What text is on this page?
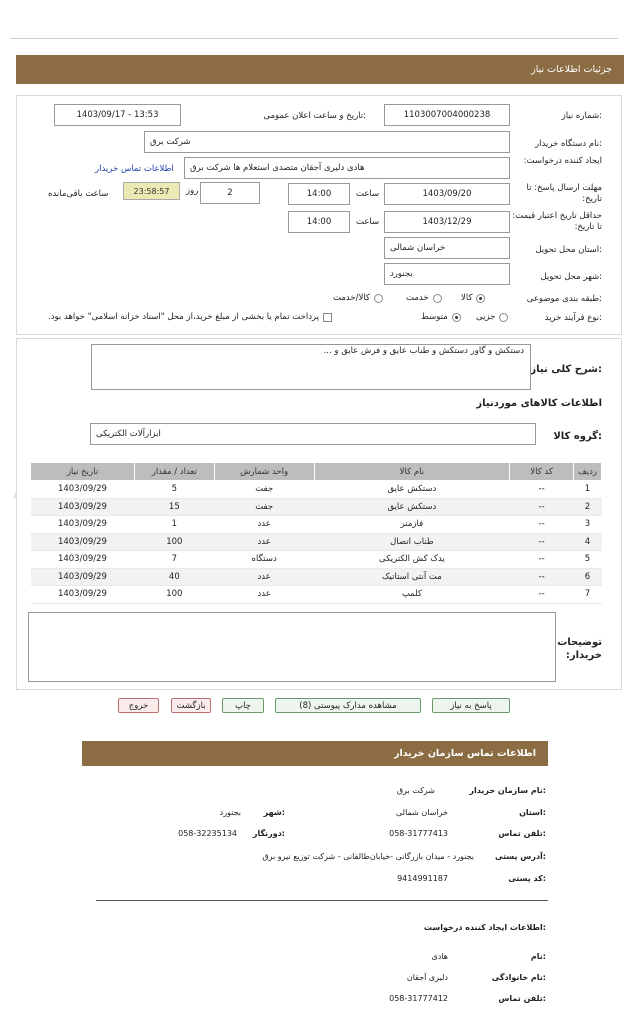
جزئيات اطلاعات نياز
شماره نیاز:
1103007004000238
تاریخ و ساعت اعلان عمومی:
1403/09/17 - 13:53
نام دستگاه خریدار:
شرکت برق
ایجاد کننده درخواست:
هادی دلیری آجقان متصدی استعلام ها شرکت برق
اطلاعات تماس خریدار
مهلت ارسال پاسخ: تا تاریخ:
1403/09/20
ساعت
14:00
2
روز
23:58:57
ساعت باقی‌مانده
حداقل تاریخ اعتبار قیمت: تا تاریخ:
1403/12/29
ساعت
14:00
استان محل تحویل:
خراسان شمالی
شهر محل تحویل:
بجنورد
طبقه بندی موضوعی:
کالا
خدمت
کالا/خدمت
نوع فرآیند خرید:
جزیی
متوسط
پرداخت تمام یا بخشی از مبلغ خرید،از محل "اسناد خزانه اسلامی" خواهد بود.
شرح کلی نیاز:
دستکش و گاور دستکش و طناب عایق و فرش عایق و ...
اطلاعات کالاهای موردنیاز
گروه کالا:
ابزارآلات الکتریکی
ردیف	کد کالا	نام کالا	واحد شمارش	تعداد / مقدار	تاریخ نیاز
1	--	دستکش عایق	جفت	5	1403/09/29
2	--	دستکش عایق	جفت	15	1403/09/29
3	--	فازمتر	عدد	1	1403/09/29
4	--	طناب اتصال	عدد	100	1403/09/29
5	--	یدک کش الکتریکی	دستگاه	7	1403/09/29
6	--	مت آنتی استاتیک	عدد	40	1403/09/29
7	--	کلمپ	عدد	100	1403/09/29
توضیحات خریدار:
پاسخ به نیاز
مشاهده مدارک پیوستی (8)
چاپ
بازگشت
خروج
اطلاعات تماس سازمان خریدار
نام سازمان خریدار:
شرکت برق
استان:
خراسان شمالی
شهر:
بجنورد
تلفن تماس:
058-31777413
دورنگار:
058-32235134
آدرس پستی:
بجنورد - میدان بازرگانی -خیابان‌طالقانی - شرکت توزیع نیرو برق
کد پستی:
9414991187
اطلاعات ایجاد کننده درخواست:
نام:
هادی
نام خانوادگی:
دلیری آجقان
تلفن تماس:
058-31777412
